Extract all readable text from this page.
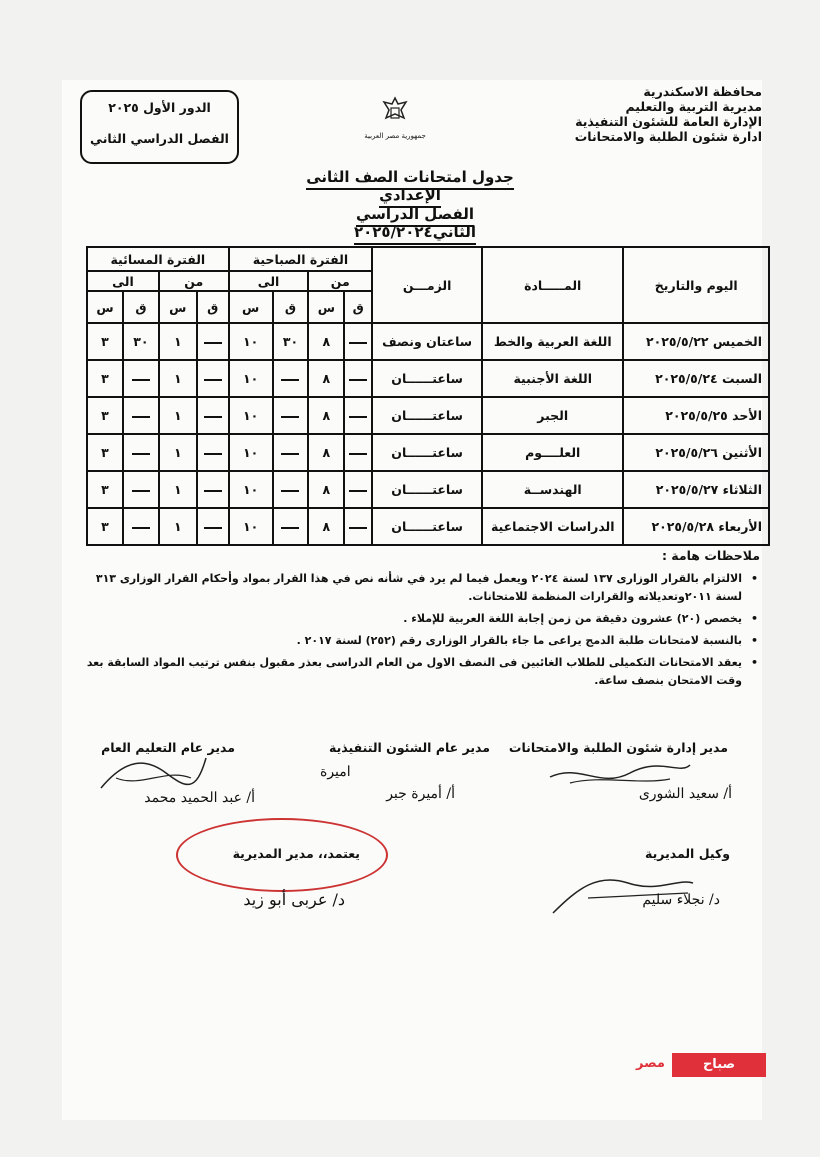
محافظة الاسكندرية
مديرية التربية والتعليم
الإدارة العامة للشئون التنفيذية
ادارة شئون الطلبة والامتحانات
جمهورية مصر العربية
الدور الأول ٢٠٢٥
الفصل الدراسي الثاني
جدول امتحانات الصف الثانى الإعدادي
الفصل الدراسي الثاني٢٠٢٥/٢٠٢٤
اليوم والتاريخ	المـــــادة	الزمـــن	الفترة الصباحية				الفترة المسائية			
			من		الى		من		الى	
			ق	س	ق	س	ق	س	ق	س
الخميس ٢٠٢٥/٥/٢٢	اللغة العربية والخط	ساعتان ونصف		٨	٣٠	١٠		١	٣٠	٣
السبت ٢٠٢٥/٥/٢٤	اللغة الأجنبية	ساعتــــــان		٨		١٠		١		٣
الأحد ٢٠٢٥/٥/٢٥	الجبر	ساعتــــــان		٨		١٠		١		٣
الأثنين ٢٠٢٥/٥/٢٦	العلــــوم	ساعتــــــان		٨		١٠		١		٣
الثلاثاء ٢٠٢٥/٥/٢٧	الهندســة	ساعتــــــان		٨		١٠		١		٣
الأربعاء ٢٠٢٥/٥/٢٨	الدراسات الاجتماعية	ساعتــــــان		٨		١٠		١		٣
ملاحظات هامة :
• الالتزام بالقرار الوزارى ١٣٧ لسنة ٢٠٢٤ ويعمل فيما لم يرد في شأنه نص في هذا القرار بمواد وأحكام القرار الوزارى ٣١٣ لسنة ٢٠١١وتعديلاته والقرارات المنظمة للامتحانات.
• يخصص (٢٠) عشرون دقيقة من زمن إجابة اللغة العربية للإملاء .
• بالنسبة لامتحانات طلبة الدمج يراعى ما جاء بالقرار الوزارى رقم (٢٥٢) لسنة ٢٠١٧ .
• يعقد الامتحانات التكميلى للطلاب الغائبين فى النصف الاول من العام الدراسى بعذر مقبول بنفس ترتيب المواد السابقة بعد وقت الامتحان بنصف ساعة.
مدير إدارة شئون الطلبة والامتحانات
مدير عام الشئون التنفيذية
مدير عام التعليم العام
اميرة
أ/ سعيد الشورى
أ/ أميرة جبر
أ/ عبد الحميد محمد
يعتمد،، مدير المديرية
د/ عربى أبو زيد
وكيل المديرية
د/ نجلاء سليم
مصر	صباح
